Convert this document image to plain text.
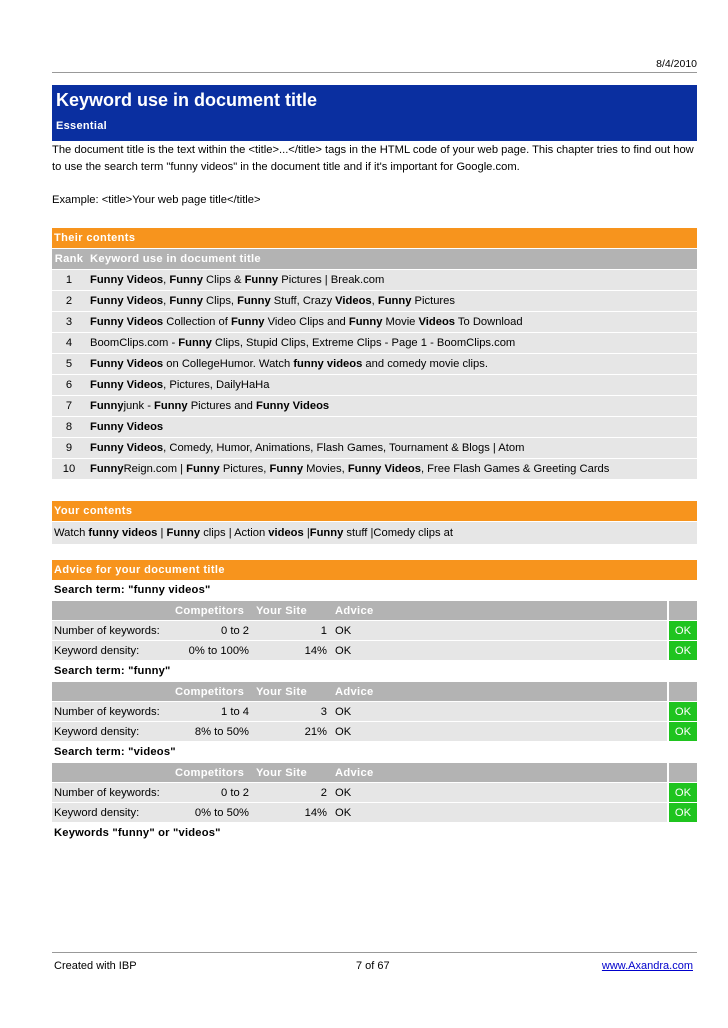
8/4/2010
Keyword use in document title
Essential
The document title is the text within the <title>...</title> tags in the HTML code of your web page. This chapter tries to find out how to use the search term "funny videos" in the document title and if it's important for Google.com.
Example: <title>Your web page title</title>
Their contents
Rank	Keyword use in document title
1	Funny Videos, Funny Clips & Funny Pictures | Break.com
2	Funny Videos, Funny Clips, Funny Stuff, Crazy Videos, Funny Pictures
3	Funny Videos Collection of Funny Video Clips and Funny Movie Videos To Download
4	BoomClips.com - Funny Clips, Stupid Clips, Extreme Clips - Page 1 - BoomClips.com
5	Funny Videos on CollegeHumor. Watch funny videos and comedy movie clips.
6	Funny Videos, Pictures, DailyHaHa
7	Funnyjunk - Funny Pictures and Funny Videos
8	Funny Videos
9	Funny Videos, Comedy, Humor, Animations, Flash Games, Tournament & Blogs | Atom
10	FunnyReign.com | Funny Pictures, Funny Movies, Funny Videos, Free Flash Games & Greeting Cards
Your contents
Watch funny videos | Funny clips | Action videos |Funny stuff |Comedy clips at
Advice for your document title
Search term: "funny videos"
	Competitors	Your Site	Advice		
Number of keywords:	0 to 2	1	OK		OK
Keyword density:	0% to 100%	14%	OK		OK
Search term: "funny"
	Competitors	Your Site	Advice		
Number of keywords:	1 to 4	3	OK		OK
Keyword density:	8% to 50%	21%	OK		OK
Search term: "videos"
	Competitors	Your Site	Advice		
Number of keywords:	0 to 2	2	OK		OK
Keyword density:	0% to 50%	14%	OK		OK
Keywords "funny" or "videos"
Created with IBP	7 of 67	www.Axandra.com
